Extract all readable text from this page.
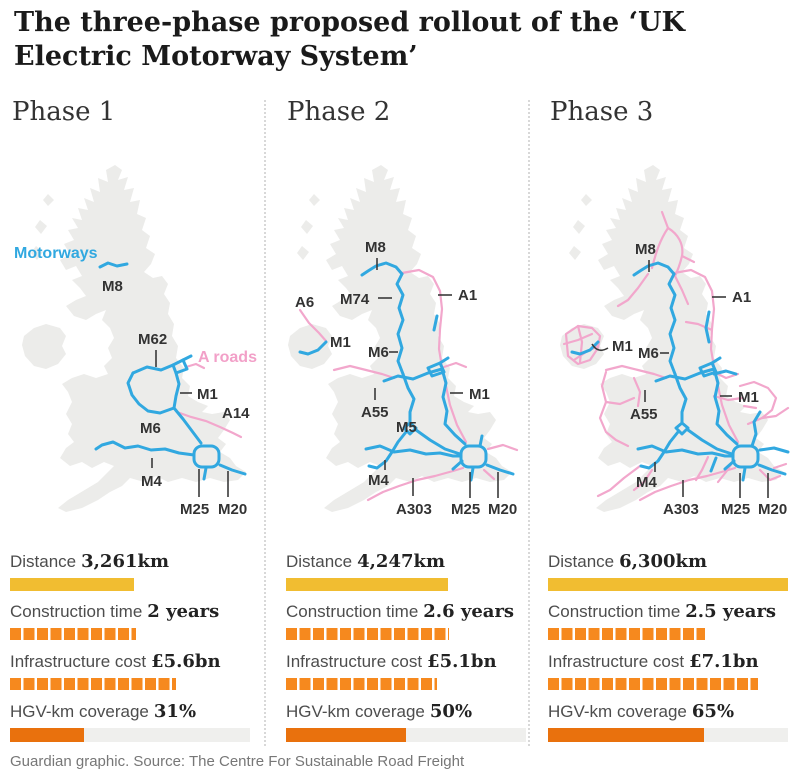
The three-phase proposed rollout of the ‘UK Electric Motorway System’
Phase 1
Motorways
M8
M62
A roads
M1
A14
M6
M4
M25 M20
Distance 3,261km
Construction time 2 years
Infrastructure cost £5.6bn
HGV-km coverage 31%
Phase 2
M8
A6 M74	A1
M1
M6
A55
M1
M5
M4
A303 M25 M20
Distance 4,247km
Construction time 2.6 years
Infrastructure cost £5.1bn
HGV-km coverage 50%
Phase 3
M8
A1
M1 M6
A55
M1
M4
A303 M25 M20
Distance 6,300km
Construction time 2.5 years
Infrastructure cost £7.1bn
HGV-km coverage 65%
Guardian graphic. Source: The Centre For Sustainable Road Freight
